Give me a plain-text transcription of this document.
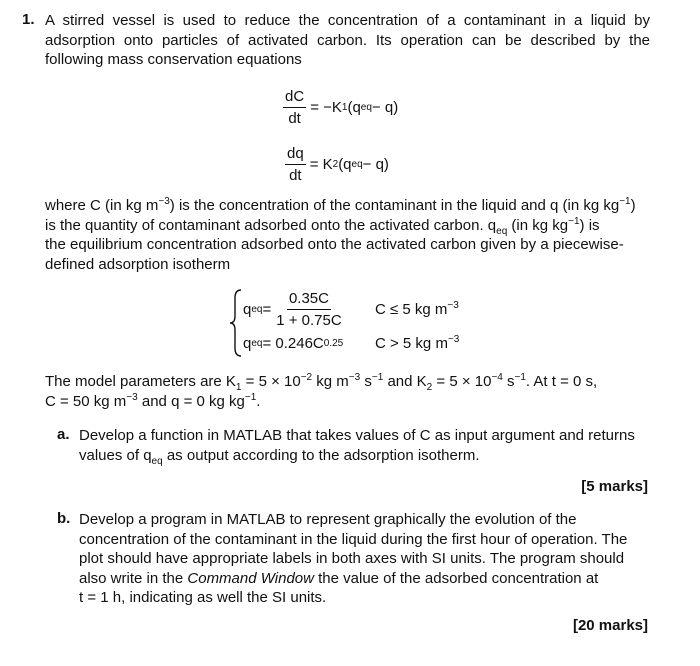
1. A stirred vessel is used to reduce the concentration of a contaminant in a liquid by adsorption onto particles of activated carbon. Its operation can be described by the following mass conservation equations
$\frac{dC}{dt} = -K$ 1 (q eq − q)
$\frac{dq}{dt} = K$ 2 (q eq − q)
where C (in kg $m^{-3}$) is the concentration of the contaminant in the liquid and q (in kg $kg^{-1}$)
is the quantity of contaminant adsorbed onto the activated carbon. $q_{eq}$ (in kg $kg^{-1}$) is
the equilibrium concentration adsorbed onto the activated carbon given by a piecewise-
defined adsorption isotherm
q eq = $\frac{0.35C}{1 + 0.75C}$ C ≤ 5 kg $m^{-3}$
q eq = 0.246C 0.25 C > 5 kg $m^{-3}$
The model parameters are $K_1 = 5 \times 10^{-2}$ kg $m^{-3}$ $s^{-1}$ and $K_2 = 5 \times 10^{-4}$ $s^{-1}$. At t = 0 s,
C = 50 kg $m^{-3}$ and q = 0 kg $kg^{-1}$.
a. Develop a function in MATLAB that takes values of C as input argument and returns
values of $q_{eq}$ as output according to the adsorption isotherm.
[5 marks]
b. Develop a program in MATLAB to represent graphically the evolution of the
concentration of the contaminant in the liquid during the first hour of operation. The
plot should have appropriate labels in both axes with SI units. The program should
also write in the Command Window the value of the adsorbed concentration at
t = 1 h, indicating as well the SI units.
[20 marks]
